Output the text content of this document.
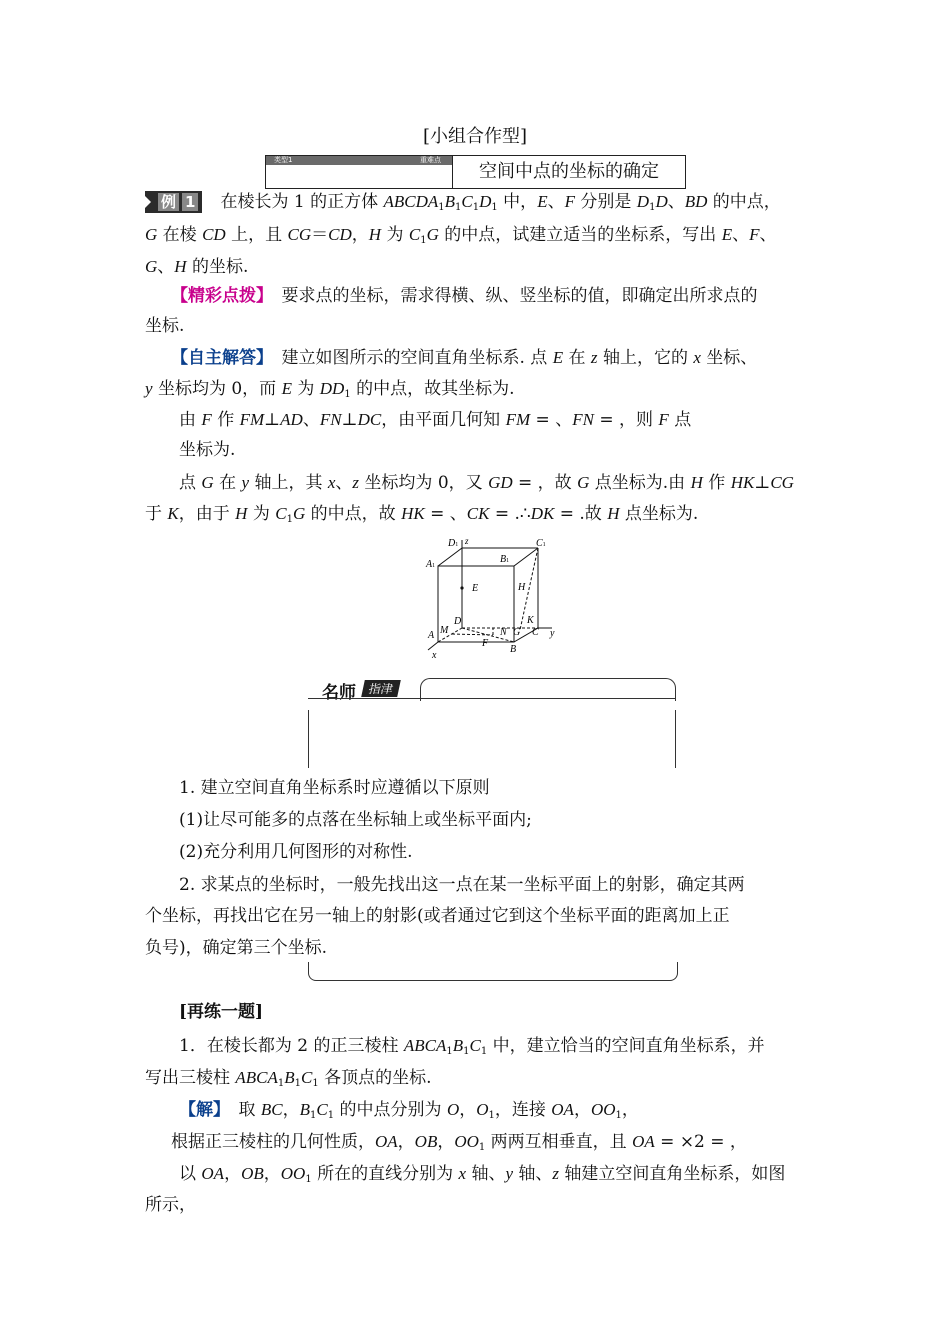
[小组合作型]
类型1	重难点
空间中点的坐标的确定
例 1 在棱长为 1 的正方体 $ABCDA_1B_1C_1D_1$ 中，E、F 分别是 $D_1D$、BD 的中点，
G 在棱 CD 上，且 CG＝CD，H 为 $C_1G$ 的中点，试建立适当的坐标系，写出 E、F、
G、H 的坐标.
【精彩点拨】　要求点的坐标，需求得横、纵、竖坐标的值，即确定出所求点的
坐标.
【自主解答】　建立如图所示的空间直角坐标系. 点 E 在 z 轴上，它的 x 坐标、
y 坐标均为 0，而 E 为 $DD_1$ 的中点，故其坐标为.
由 F 作 FM⊥AD、FN⊥DC，由平面几何知 FM = 、FN = ，则 F 点
坐标为.
点 G 在 y 轴上，其 x、z 坐标均为 0，又 GD = ，故 G 点坐标为.由 H 作 HK⊥CG
于 K，由于 H 为 $C_1G$ 的中点，故 HK = 、CK = .∴DK = .故 H 点坐标为.
D1 z
B1
C1
A1
E	H
D	K
M	N G C y
A
F
B
x
名师 指津
1. 建立空间直角坐标系时应遵循以下原则
(1)让尽可能多的点落在坐标轴上或坐标平面内;
(2)充分利用几何图形的对称性.
2. 求某点的坐标时，一般先找出这一点在某一坐标平面上的射影，确定其两
个坐标，再找出它在另一轴上的射影(或者通过它到这个坐标平面的距离加上正
负号)，确定第三个坐标.
[再练一题]
1．在棱长都为 2 的正三棱柱 $ABCA_1B_1C_1$ 中，建立恰当的空间直角坐标系，并
写出三棱柱 $ABCA_1B_1C_1$ 各顶点的坐标.
【解】　取 BC，$B_1C_1$ 的中点分别为 O，$O_1$，连接 OA，$OO_1$，
根据正三棱柱的几何性质，OA，OB，$OO_1$ 两两互相垂直，且 OA = ×2 = ，
以 OA，OB，$OO_1$ 所在的直线分别为 x 轴、y 轴、z 轴建立空间直角坐标系，如图
所示，
